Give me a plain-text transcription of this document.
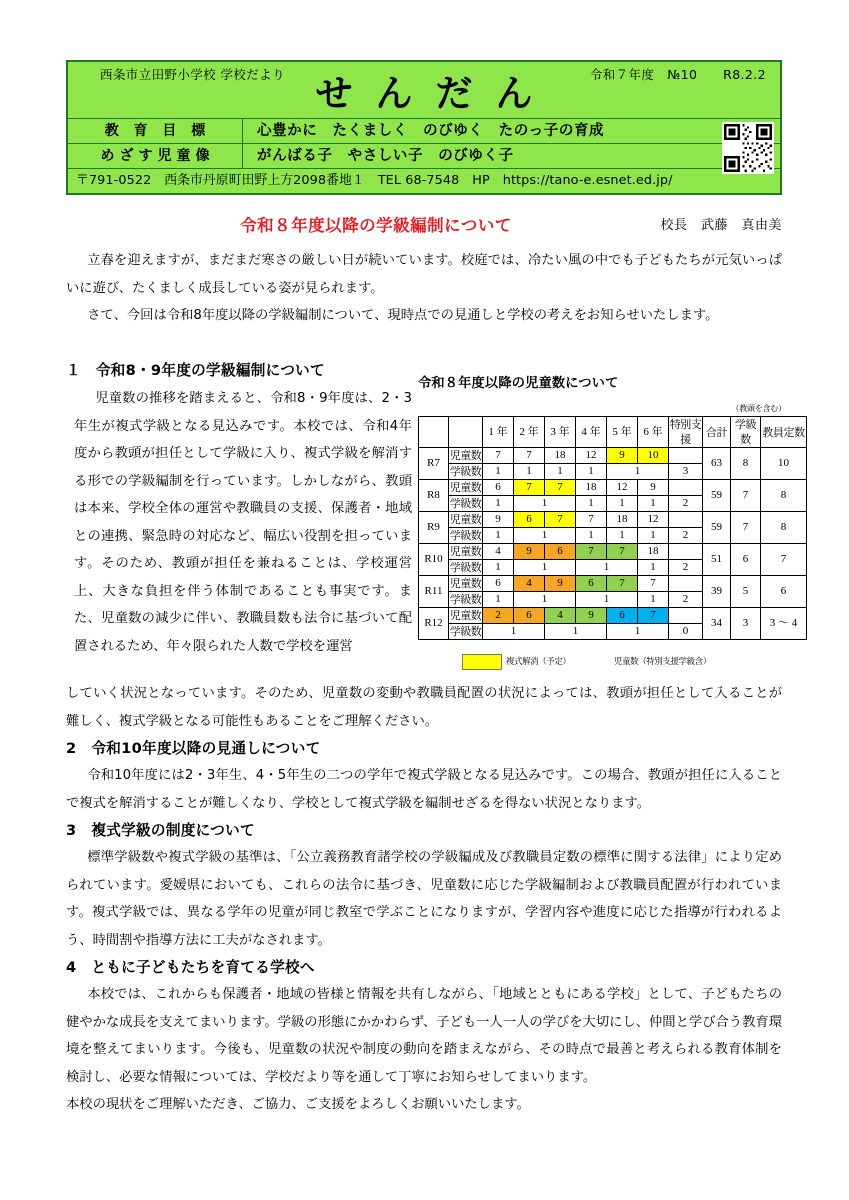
西条市立田野小学校 学校だより	令和７年度　№10　　R8.2.2
せんだん
教 育 目 標	心豊かに　たくましく　のびゆく　たのっ子の育成
めざす児童像	がんばる子　やさしい子　のびゆく子
〒791-0522　西条市丹原町田野上方2098番地１　TEL 68-7548　HP　https://tano-e.esnet.ed.jp/
令和８年度以降の学級編制について	校長　武藤　真由美

立春を迎えますが、まだまだ寒さの厳しい日が続いています。校庭では、冷たい風の中でも子どもたちが元気いっぱいに遊び、たくましく成長している姿が見られます。

さて、今回は令和8年度以降の学級編制について、現時点での見通しと学校の考えをお知らせいたします。

１　令和8・9年度の学級編制について

児童数の推移を踏まえると、令和8・9年度は、2・3年生が複式学級となる見込みです。本校では、令和4年度から教頭が担任として学級に入り、複式学級を解消する形での学級編制を行っています。しかしながら、教頭は本来、学校全体の運営や教職員の支援、保護者・地域との連携、緊急時の対応など、幅広い役割を担っています。そのため、教頭が担任を兼ねることは、学校運営上、大きな負担を伴う体制であることも事実です。また、児童数の減少に伴い、教職員数も法令に基づいて配置されるため、年々限られた人数で学校を運営

令和８年度以降の児童数について
（教頭を含む）
		1 年	2 年	3 年	4 年	5 年	6 年	特別支援	合計	学級数	教員定数
R7	児童数	7	7	18	12	9	10		63	8	10
	学級数	1	1	1	1	1		3			
R8	児童数	6	7	7	18	12	9		59	7	8
	学級数	1	1		1	1	1	2			
R9	児童数	9	6	7	7	18	12		59	7	8
	学級数	1	1		1	1	1	2			
R10	児童数	4	9	6	7	7	18		51	6	7
	学級数	1	1		1		1	2			
R11	児童数	6	4	9	6	7	7		39	5	6
	学級数	1	1		1		1	2			
R12	児童数	2	6	4	9	6	7		34	3	3 ～ 4
	学級数	1		1		1		0			
複式解消（予定）	児童数（特別支援学級含）

していく状況となっています。そのため、児童数の変動や教職員配置の状況によっては、教頭が担任として入ることが難しく、複式学級となる可能性もあることをご理解ください。

2　令和10年度以降の見通しについて

令和10年度には2・3年生、4・5年生の二つの学年で複式学級となる見込みです。この場合、教頭が担任に入ることで複式を解消することが難しくなり、学校として複式学級を編制せざるを得ない状況となります。

3　複式学級の制度について

標準学級数や複式学級の基準は、「公立義務教育諸学校の学級編成及び教職員定数の標準に関する法律」により定められています。愛媛県においても、これらの法令に基づき、児童数に応じた学級編制および教職員配置が行われています。複式学級では、異なる学年の児童が同じ教室で学ぶことになりますが、学習内容や進度に応じた指導が行われるよう、時間割や指導方法に工夫がなされます。

4　ともに子どもたちを育てる学校へ

本校では、これからも保護者・地域の皆様と情報を共有しながら、「地域とともにある学校」として、子どもたちの健やかな成長を支えてまいります。学級の形態にかかわらず、子ども一人一人の学びを大切にし、仲間と学び合う教育環境を整えてまいります。今後も、児童数の状況や制度の動向を踏まえながら、その時点で最善と考えられる教育体制を検討し、必要な情報については、学校だより等を通して丁寧にお知らせしてまいります。

本校の現状をご理解いただき、ご協力、ご支援をよろしくお願いいたします。
